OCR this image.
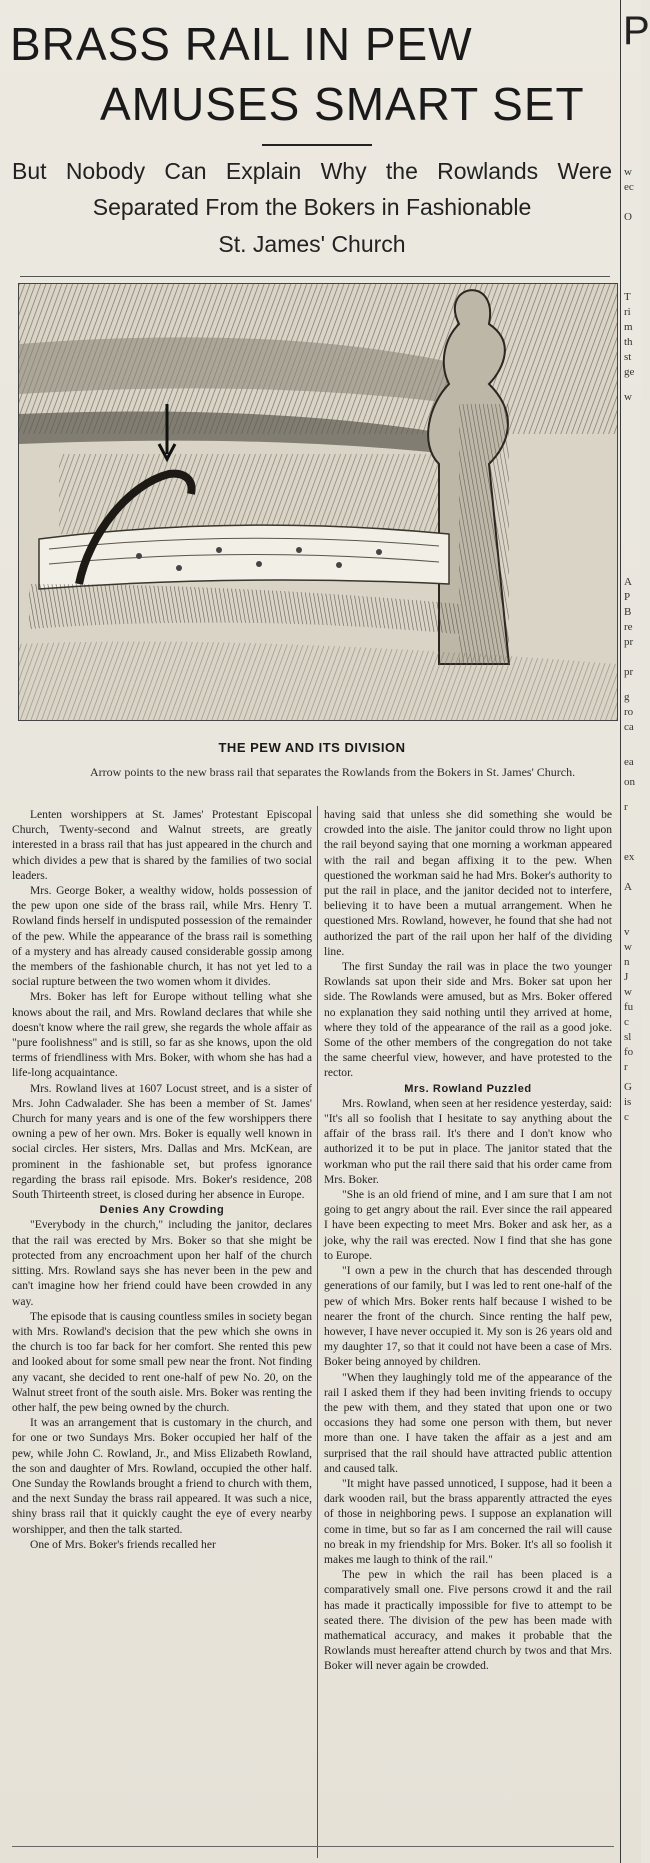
BRASS RAIL IN PEW
AMUSES SMART SET
But Nobody Can Explain Why the Rowlands Were
Separated From the Bokers in Fashionable
St. James' Church
THE PEW AND ITS DIVISION
Arrow points to the new brass rail that separates the Rowlands from the Bokers in St. James' Church.

Lenten worshippers at St. James' Protestant Episcopal Church, Twenty-second and Walnut streets, are greatly interested in a brass rail that has just appeared in the church and which divides a pew that is shared by the families of two social leaders.

Mrs. George Boker, a wealthy widow, holds possession of the pew upon one side of the brass rail, while Mrs. Henry T. Rowland finds herself in undisputed possession of the remainder of the pew. While the appearance of the brass rail is something of a mystery and has already caused considerable gossip among the members of the fashionable church, it has not yet led to a social rupture between the two women whom it divides.

Mrs. Boker has left for Europe without telling what she knows about the rail, and Mrs. Rowland declares that while she doesn't know where the rail grew, she regards the whole affair as "pure foolishness" and is still, so far as she knows, upon the old terms of friendliness with Mrs. Boker, with whom she has had a life-long acquaintance.

Mrs. Rowland lives at 1607 Locust street, and is a sister of Mrs. John Cadwalader. She has been a member of St. James' Church for many years and is one of the few worshippers there owning a pew of her own. Mrs. Boker is equally well known in social circles. Her sisters, Mrs. Dallas and Mrs. McKean, are prominent in the fashionable set, but profess ignorance regarding the brass rail episode. Mrs. Boker's residence, 208 South Thirteenth street, is closed during her absence in Europe.

Denies Any Crowding

"Everybody in the church," including the janitor, declares that the rail was erected by Mrs. Boker so that she might be protected from any encroachment upon her half of the church sitting. Mrs. Rowland says she has never been in the pew and can't imagine how her friend could have been crowded in any way.

The episode that is causing countless smiles in society began with Mrs. Rowland's decision that the pew which she owns in the church is too far back for her comfort. She rented this pew and looked about for some small pew near the front. Not finding any vacant, she decided to rent one-half of pew No. 20, on the Walnut street front of the south aisle. Mrs. Boker was renting the other half, the pew being owned by the church.

It was an arrangement that is customary in the church, and for one or two Sundays Mrs. Boker occupied her half of the pew, while John C. Rowland, Jr., and Miss Elizabeth Rowland, the son and daughter of Mrs. Rowland, occupied the other half. One Sunday the Rowlands brought a friend to church with them, and the next Sunday the brass rail appeared. It was such a nice, shiny brass rail that it quickly caught the eye of every nearby worshipper, and then the talk started.

One of Mrs. Boker's friends recalled her

having said that unless she did something she would be crowded into the aisle. The janitor could throw no light upon the rail beyond saying that one morning a workman appeared with the rail and began affixing it to the pew. When questioned the workman said he had Mrs. Boker's authority to put the rail in place, and the janitor decided not to interfere, believing it to have been a mutual arrangement. When he questioned Mrs. Rowland, however, he found that she had not authorized the part of the rail upon her half of the dividing line.

The first Sunday the rail was in place the two younger Rowlands sat upon their side and Mrs. Boker sat upon her side. The Rowlands were amused, but as Mrs. Boker offered no explanation they said nothing until they arrived at home, where they told of the appearance of the rail as a good joke. Some of the other members of the congregation do not take the same cheerful view, however, and have protested to the rector.

Mrs. Rowland Puzzled

Mrs. Rowland, when seen at her residence yesterday, said: "It's all so foolish that I hesitate to say anything about the affair of the brass rail. It's there and I don't know who authorized it to be put in place. The janitor stated that the workman who put the rail there said that his order came from Mrs. Boker.

"She is an old friend of mine, and I am sure that I am not going to get angry about the rail. Ever since the rail appeared I have been expecting to meet Mrs. Boker and ask her, as a joke, why the rail was erected. Now I find that she has gone to Europe.

"I own a pew in the church that has descended through generations of our family, but I was led to rent one-half of the pew of which Mrs. Boker rents half because I wished to be nearer the front of the church. Since renting the half pew, however, I have never occupied it. My son is 26 years old and my daughter 17, so that it could not have been a case of Mrs. Boker being annoyed by children.

"When they laughingly told me of the appearance of the rail I asked them if they had been inviting friends to occupy the pew with them, and they stated that upon one or two occasions they had some one person with them, but never more than one. I have taken the affair as a jest and am surprised that the rail should have attracted public attention and caused talk.

"It might have passed unnoticed, I suppose, had it been a dark wooden rail, but the brass apparently attracted the eyes of those in neighboring pews. I suppose an explanation will come in time, but so far as I am concerned the rail will cause no break in my friendship for Mrs. Boker. It's all so foolish it makes me laugh to think of the rail."

The pew in which the rail has been placed is a comparatively small one. Five persons crowd it and the rail has made it practically impossible for five to attempt to be seated there. The division of the pew has been made with mathematical accuracy, and makes it probable that the Rowlands must hereafter attend church by twos and that Mrs. Boker will never again be crowded.

P
w
ec
O
T
ri
m
th
st
ge
w
A
P
B
re
pr
pr
g
ro
ca
ea
on
r
ex
A
v
w
n
J
w
fu
c
sl
fo
r
G
is
c
